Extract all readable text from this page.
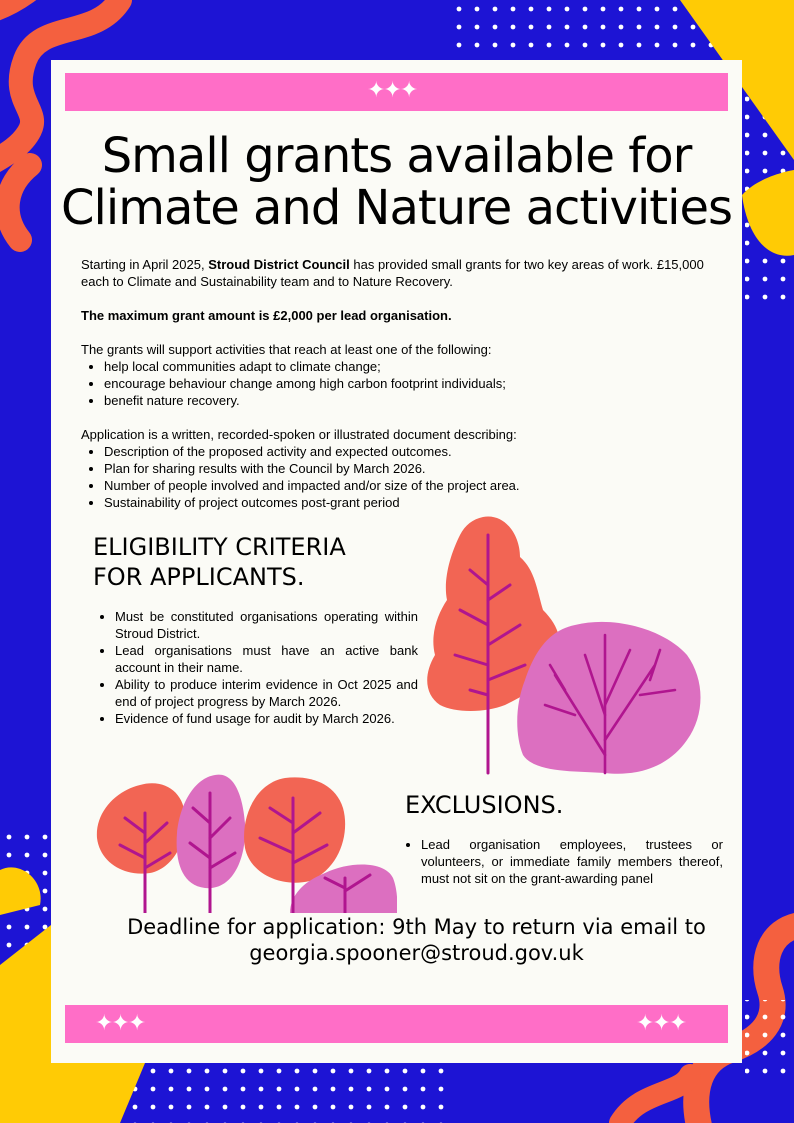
✦✦✦
Small grants available for
Climate and Nature activities

Starting in April 2025, Stroud District Council has provided small grants for two key areas of work. £15,000 each to Climate and Sustainability team and to Nature Recovery.

The maximum grant amount is £2,000 per lead organisation.

The grants will support activities that reach at least one of the following:

• help local communities adapt to climate change;
• encourage behaviour change among high carbon footprint individuals;
• benefit nature recovery.

Application is a written, recorded-spoken or illustrated document describing:

• Description of the proposed activity and expected outcomes.
• Plan for sharing results with the Council by March 2026.
• Number of people involved and impacted and/or size of the project area.
• Sustainability of project outcomes post-grant period
ELIGIBILITY CRITERIA
FOR APPLICANTS.
• Must be constituted organisations operating within Stroud District.
• Lead organisations must have an active bank account in their name.
• Ability to produce interim evidence in Oct 2025 and end of project progress by March 2026.
• Evidence of fund usage for audit by March 2026.
EXCLUSIONS.
• Lead organisation employees, trustees or volunteers, or immediate family members thereof, must not sit on the grant-awarding panel
Deadline for application: 9th May to return via email to
georgia.spooner@stroud.gov.uk
✦✦✦	✦✦✦
